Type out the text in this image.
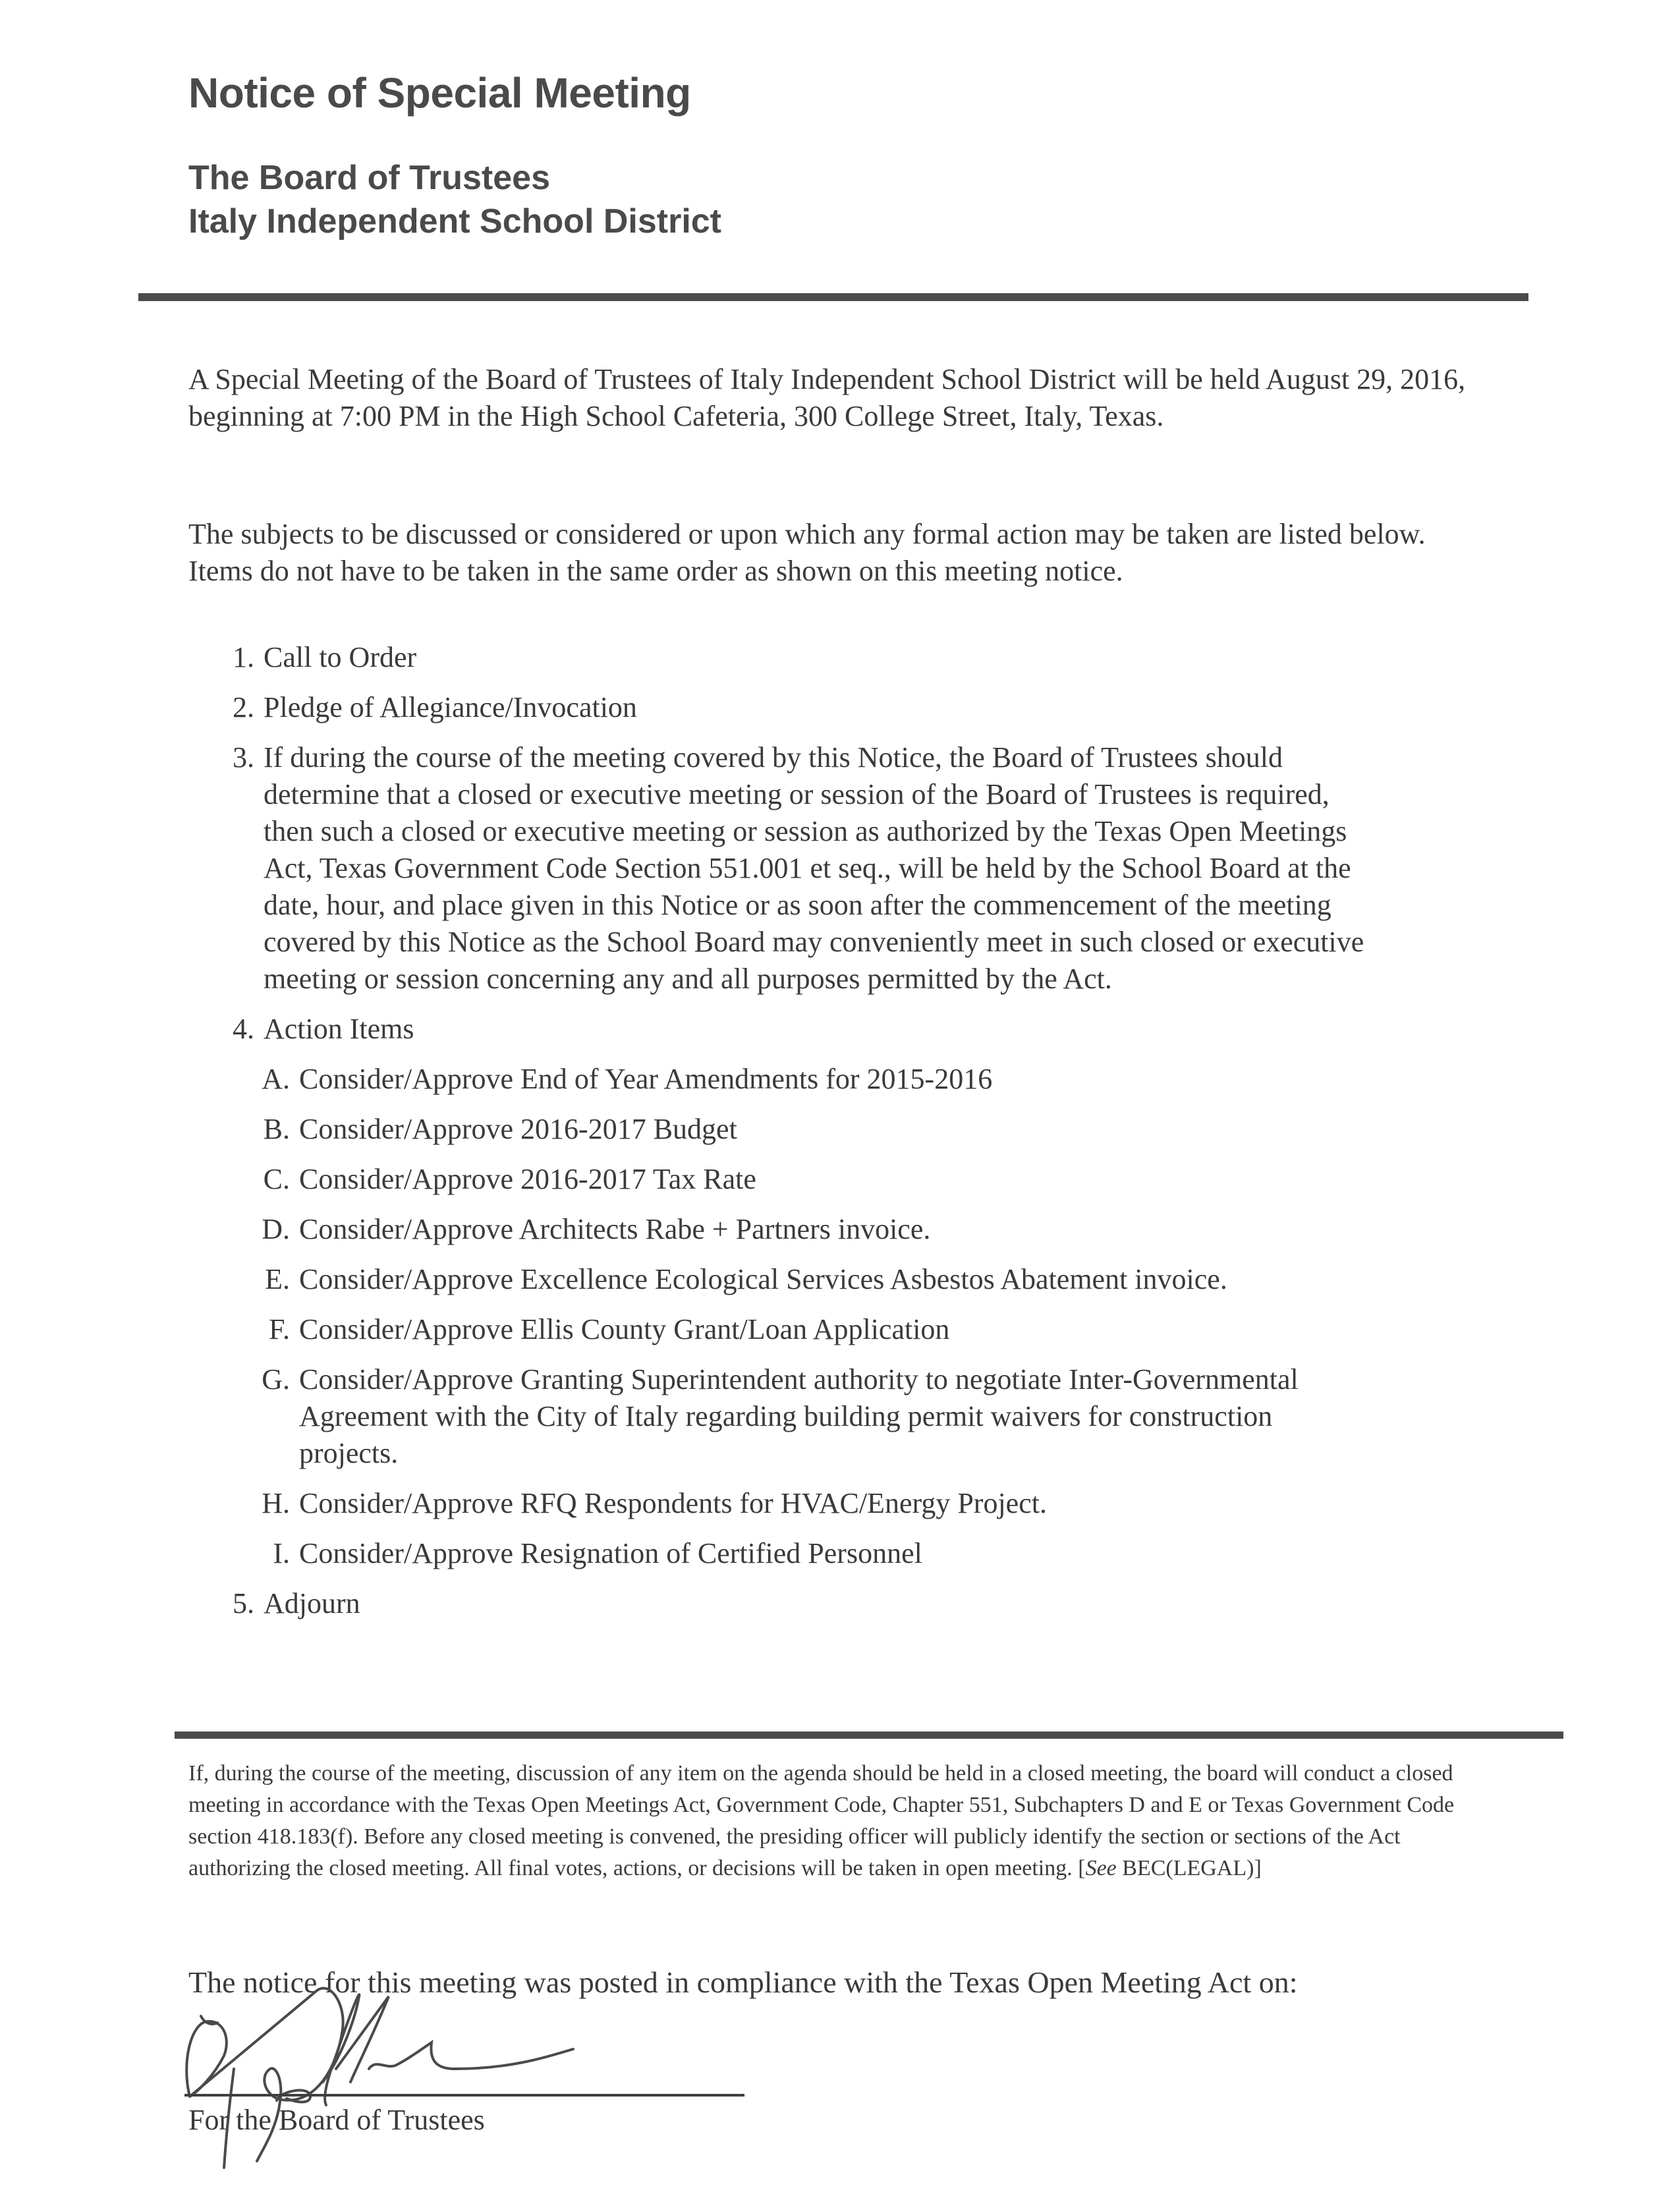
Notice of Special Meeting
The Board of Trustees
Italy Independent School District

A Special Meeting of the Board of Trustees of Italy Independent School District will be held August 29, 2016, beginning at 7:00 PM in the High School Cafeteria, 300 College Street, Italy, Texas.

The subjects to be discussed or considered or upon which any formal action may be taken are listed below. Items do not have to be taken in the same order as shown on this meeting notice.

1. Call to Order
2. Pledge of Allegiance/Invocation
3. If during the course of the meeting covered by this Notice, the Board of Trustees should determine that a closed or executive meeting or session of the Board of Trustees is required, then such a closed or executive meeting or session as authorized by the Texas Open Meetings Act, Texas Government Code Section 551.001 et seq., will be held by the School Board at the date, hour, and place given in this Notice or as soon after the commencement of the meeting covered by this Notice as the School Board may conveniently meet in such closed or executive meeting or session concerning any and all purposes permitted by the Act.
4. Action Items
A. Consider/Approve End of Year Amendments for 2015-2016
B. Consider/Approve 2016-2017 Budget
C. Consider/Approve 2016-2017 Tax Rate
D. Consider/Approve Architects Rabe + Partners invoice.
E. Consider/Approve Excellence Ecological Services Asbestos Abatement invoice.
F. Consider/Approve Ellis County Grant/Loan Application
G. Consider/Approve Granting Superintendent authority to negotiate Inter-Governmental Agreement with the City of Italy regarding building permit waivers for construction projects.
H. Consider/Approve RFQ Respondents for HVAC/Energy Project.
I. Consider/Approve Resignation of Certified Personnel
5. Adjourn

If, during the course of the meeting, discussion of any item on the agenda should be held in a closed meeting, the board will conduct a closed meeting in accordance with the Texas Open Meetings Act, Government Code, Chapter 551, Subchapters D and E or Texas Government Code section 418.183(f). Before any closed meeting is convened, the presiding officer will publicly identify the section or sections of the Act authorizing the closed meeting. All final votes, actions, or decisions will be taken in open meeting. [See BEC(LEGAL)]

The notice for this meeting was posted in compliance with the Texas Open Meeting Act on:
For the Board of Trustees
